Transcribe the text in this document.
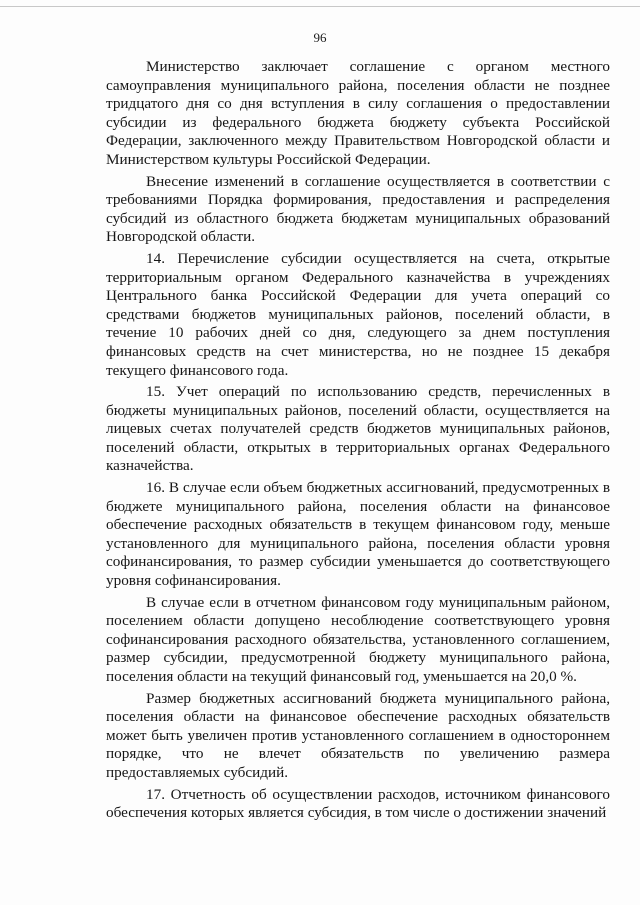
96

Министерство заключает соглашение с органом местного самоуправления муниципального района, поселения области не позднее тридцатого дня со дня вступления в силу соглашения о предоставлении субсидии из федерального бюджета бюджету субъекта Российской Федерации, заключенного между Правительством Новгородской области и Министерством культуры Российской Федерации.

Внесение изменений в соглашение осуществляется в соответствии с требованиями Порядка формирования, предоставления и распределения субсидий из областного бюджета бюджетам муниципальных образований Новгородской области.

14. Перечисление субсидии осуществляется на счета, открытые территориальным органом Федерального казначейства в учреждениях Центрального банка Российской Федерации для учета операций со средствами бюджетов муниципальных районов, поселений области, в течение 10 рабочих дней со дня, следующего за днем поступления финансовых средств на счет министерства, но не позднее 15 декабря текущего финансового года.

15. Учет операций по использованию средств, перечисленных в бюджеты муниципальных районов, поселений области, осуществляется на лицевых счетах получателей средств бюджетов муниципальных районов, поселений области, открытых в территориальных органах Федерального казначейства.

16. В случае если объем бюджетных ассигнований, предусмотренных в бюджете муниципального района, поселения области на финансовое обеспечение расходных обязательств в текущем финансовом году, меньше установленного для муниципального района, поселения области уровня софинансирования, то размер субсидии уменьшается до соответствующего уровня софинансирования.

В случае если в отчетном финансовом году муниципальным районом, поселением области допущено несоблюдение соответствующего уровня софинансирования расходного обязательства, установленного соглашением, размер субсидии, предусмотренной бюджету муниципального района, поселения области на текущий финансовый год, уменьшается на 20,0 %.

Размер бюджетных ассигнований бюджета муниципального района, поселения области на финансовое обеспечение расходных обязательств может быть увеличен против установленного соглашением в одностороннем порядке, что не влечет обязательств по увеличению размера предоставляемых субсидий.

17. Отчетность об осуществлении расходов, источником финансового обеспечения которых является субсидия, в том числе о достижении значений
